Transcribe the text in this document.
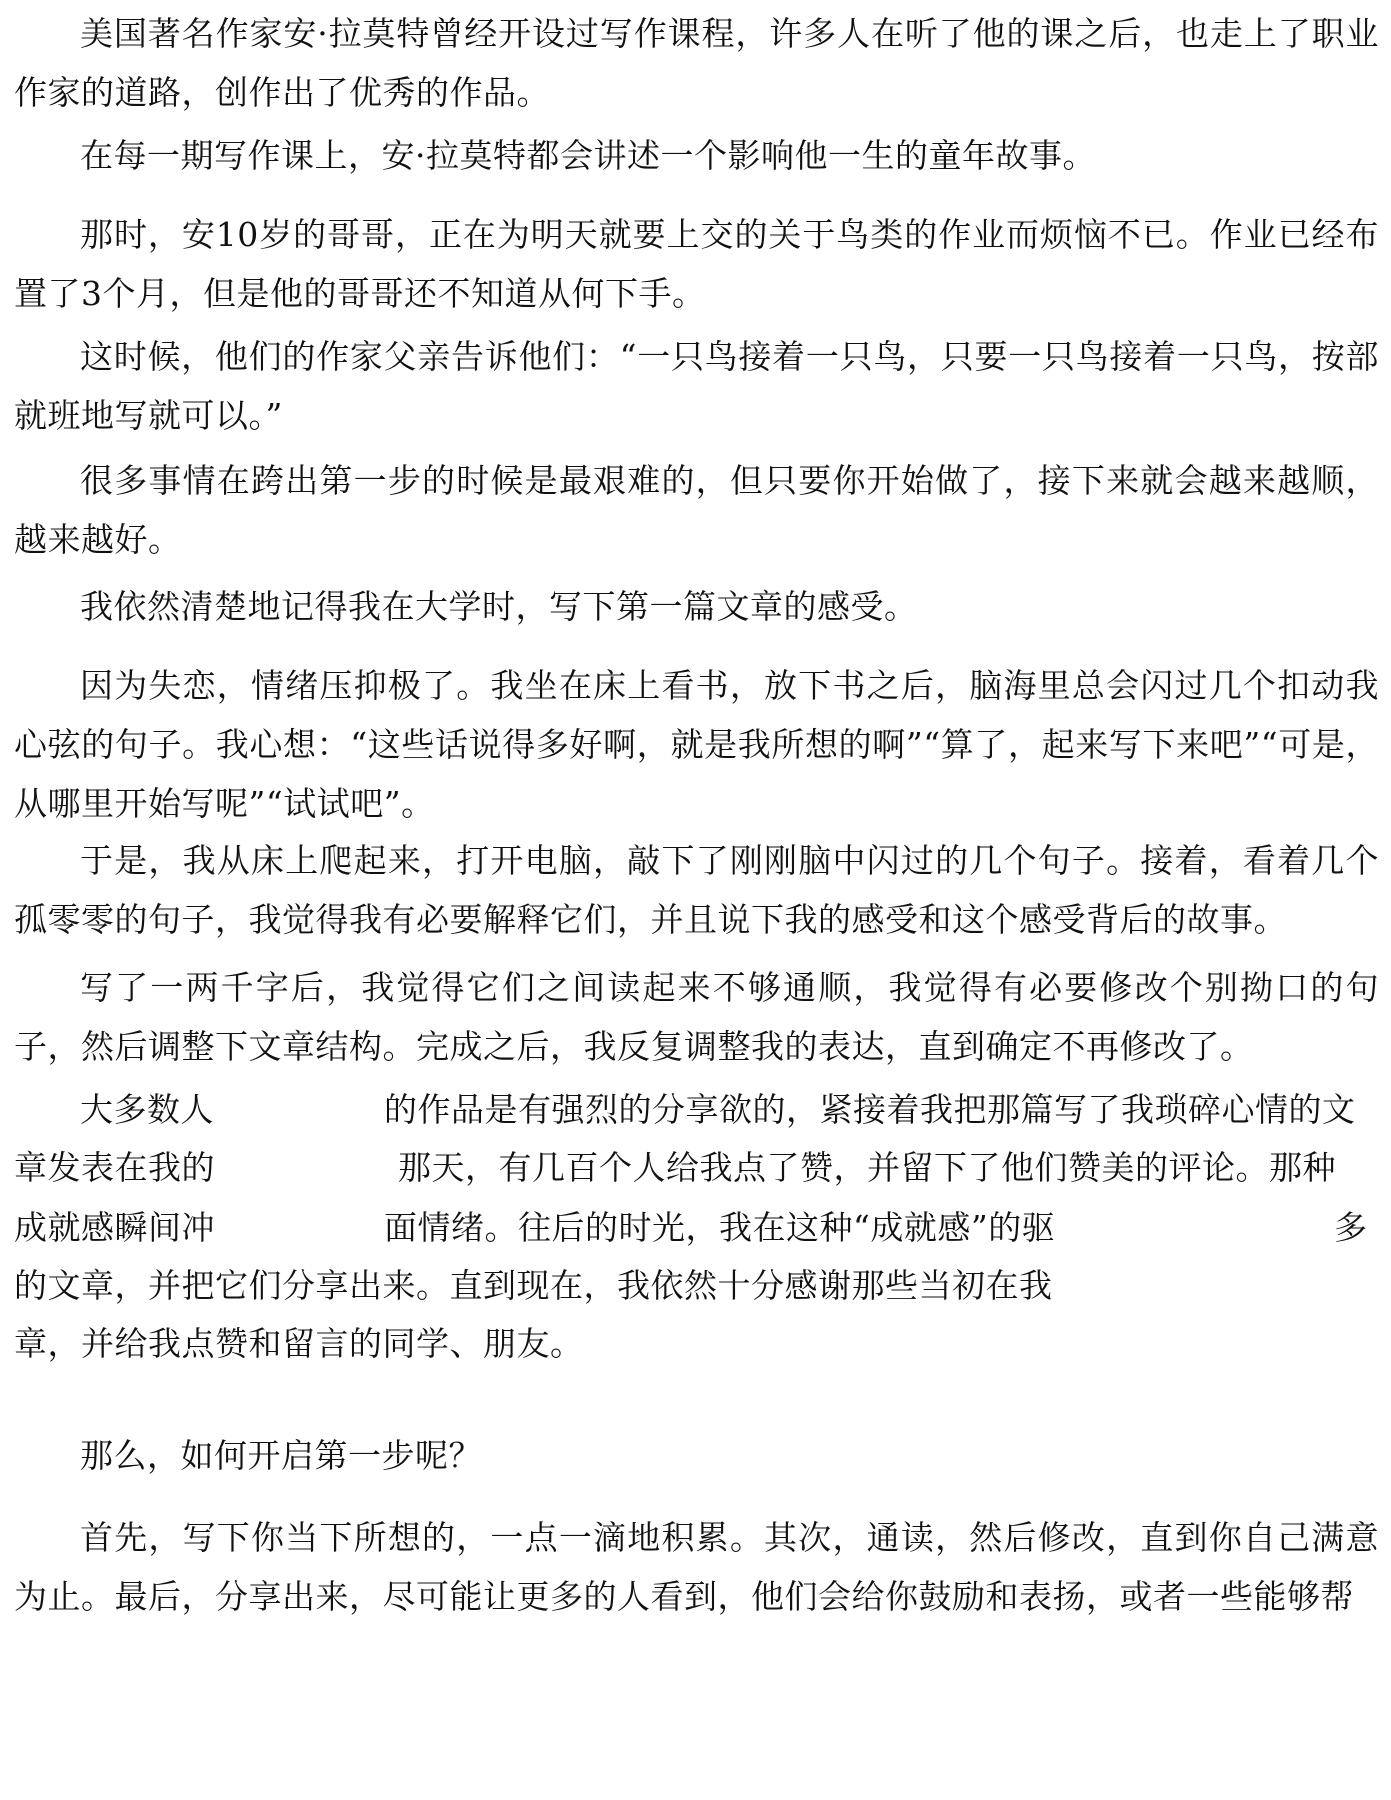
美国著名作家安·拉莫特曾经开设过写作课程，许多人在听了他的课之后，也走上了职业作家的道路，创作出了优秀的作品。

在每一期写作课上，安·拉莫特都会讲述一个影响他一生的童年故事。

那时，安10岁的哥哥，正在为明天就要上交的关于鸟类的作业而烦恼不已。作业已经布置了3个月，但是他的哥哥还不知道从何下手。

这时候，他们的作家父亲告诉他们：“一只鸟接着一只鸟，只要一只鸟接着一只鸟，按部就班地写就可以。”

很多事情在跨出第一步的时候是最艰难的，但只要你开始做了，接下来就会越来越顺，越来越好。

我依然清楚地记得我在大学时，写下第一篇文章的感受。

因为失恋，情绪压抑极了。我坐在床上看书，放下书之后，脑海里总会闪过几个扣动我心弦的句子。我心想：“这些话说得多好啊，就是我所想的啊”“算了，起来写下来吧”“可是，从哪里开始写呢”“试试吧”。

于是，我从床上爬起来，打开电脑，敲下了刚刚脑中闪过的几个句子。接着，看着几个孤零零的句子，我觉得我有必要解释它们，并且说下我的感受和这个感受背后的故事。

写了一两千字后，我觉得它们之间读起来不够通顺，我觉得有必要修改个别拗口的句子，然后调整下文章结构。完成之后，我反复调整我的表达，直到确定不再修改了。

大多数人	的作品是有强烈的分享欲的，紧接着我把那篇写了我琐碎心情的文

章发表在我的	那天，有几百个人给我点了赞，并留下了他们赞美的评论。那种

成就感瞬间冲	面情绪。往后的时光，我在这种“成就感”的驱	多

的文章，并把它们分享出来。直到现在，我依然十分感谢那些当初在我

章，并给我点赞和留言的同学、朋友。

那么，如何开启第一步呢？

首先，写下你当下所想的，一点一滴地积累。其次，通读，然后修改，直到你自己满意为止。最后，分享出来，尽可能让更多的人看到，他们会给你鼓励和表扬，或者一些能够帮
